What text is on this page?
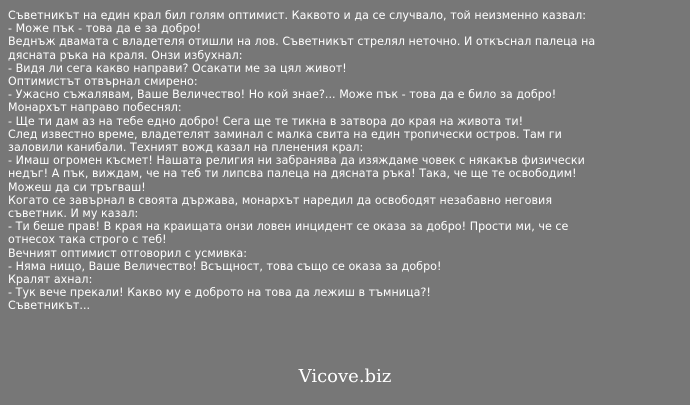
Съветникът на един крал бил голям оптимист. Каквото и да се случвало, той неизменно казвал:
- Може пък - това да е за добро!
Веднъж двамата с владетеля отишли на лов. Съветникът стрелял неточно. И откъснал палеца на
дясната ръка на краля. Онзи избухнал:
- Видя ли сега какво направи? Осакати ме за цял живот!
Оптимистът отвърнал смирено:
- Ужасно съжалявам, Ваше Величество! Но кой знае?... Може пък - това да е било за добро!
Монархът направо побеснял:
- Ще ти дам аз на тебе едно добро! Сега ще те тикна в затвора до края на живота ти!
След известно време, владетелят заминал с малка свита на един тропически остров. Там ги
заловили канибали. Техният вожд казал на пленения крал:
- Имаш огромен късмет! Нашата религия ни забранява да изяждаме човек с някакъв физически
недъг! А пък, виждам, че на теб ти липсва палеца на дясната ръка! Така, че ще те освободим!
Можеш да си тръгваш!
Когато се завърнал в своята държава, монархът наредил да освободят незабавно неговия
съветник. И му казал:
- Ти беше прав! В края на краищата онзи ловен инцидент се оказа за добро! Прости ми, че се
отнесох така строго с теб!
Вечният оптимист отговорил с усмивка:
- Няма нищо, Ваше Величество! Всъщност, това също се оказа за добро!
Кралят ахнал:
- Тук вече прекали! Какво му е доброто на това да лежиш в тъмница?!
Съветникът...
Vicove.biz
